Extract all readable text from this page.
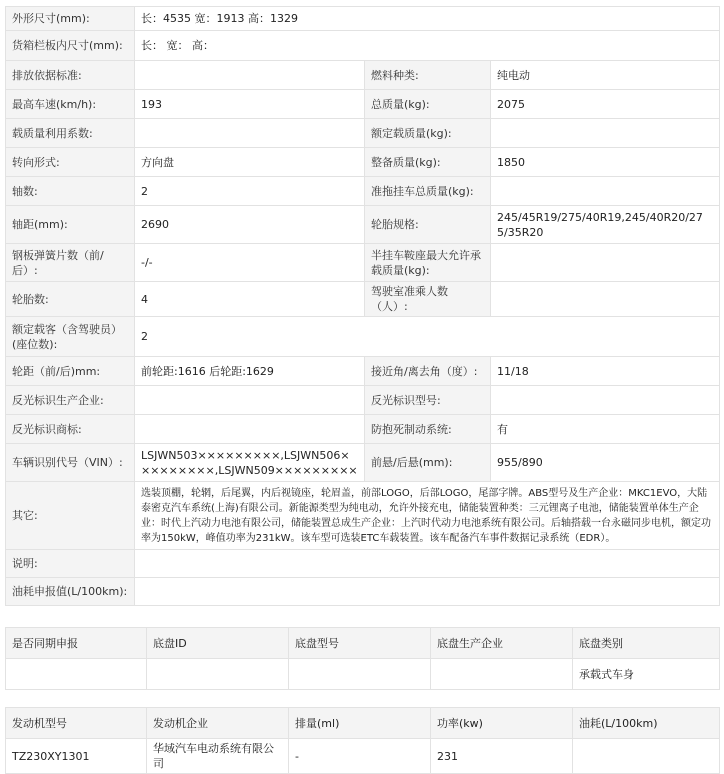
外形尺寸(mm):	长：4535 宽：1913 高：1329		
货箱栏板内尺寸(mm):	长： 宽： 高：		
排放依据标准:		燃料种类:	纯电动
最高车速(km/h):	193	总质量(kg):	2075
载质量利用系数:		额定载质量(kg):	
转向形式:	方向盘	整备质量(kg):	1850
轴数:	2	准拖挂车总质量(kg):	
轴距(mm):	2690	轮胎规格:	245/45R19/275/40R19,245/40R20/275/35R20
钢板弹簧片数（前/后）:	-/-	半挂车鞍座最大允许承载质量(kg):	
轮胎数:	4	驾驶室准乘人数（人）:	
额定载客（含驾驶员）(座位数):	2		
轮距（前/后)mm:	前轮距:1616 后轮距:1629	接近角/离去角（度）:	11/18
反光标识生产企业:		反光标识型号:	
反光标识商标:		防抱死制动系统:	有
车辆识别代号（VIN）:	LSJWN503×××××××××,LSJWN506×××××××××,LSJWN509×××××××××	前悬/后悬(mm):	955/890
其它:	选装顶棚，轮辋，后尾翼，内后视镜座，轮眉盖，前部LOGO，后部LOGO，尾部字牌。ABS型号及生产企业：MKC1EVO，大陆泰密克汽车系统(上海)有限公司。新能源类型为纯电动，允许外接充电，储能装置种类：三元锂离子电池，储能装置单体生产企业：时代上汽动力电池有限公司，储能装置总成生产企业：上汽时代动力电池系统有限公司。后轴搭载一台永磁同步电机，额定功率为150kW，峰值功率为231kW。该车型可选装ETC车载装置。该车配备汽车事件数据记录系统（EDR）。		
说明:			
油耗申报值(L/100km):			
是否同期申报	底盘ID	底盘型号	底盘生产企业	底盘类别
				承载式车身
发动机型号	发动机企业	排量(ml)	功率(kw)	油耗(L/100km)
TZ230XY1301	华域汽车电动系统有限公司	-	231	
